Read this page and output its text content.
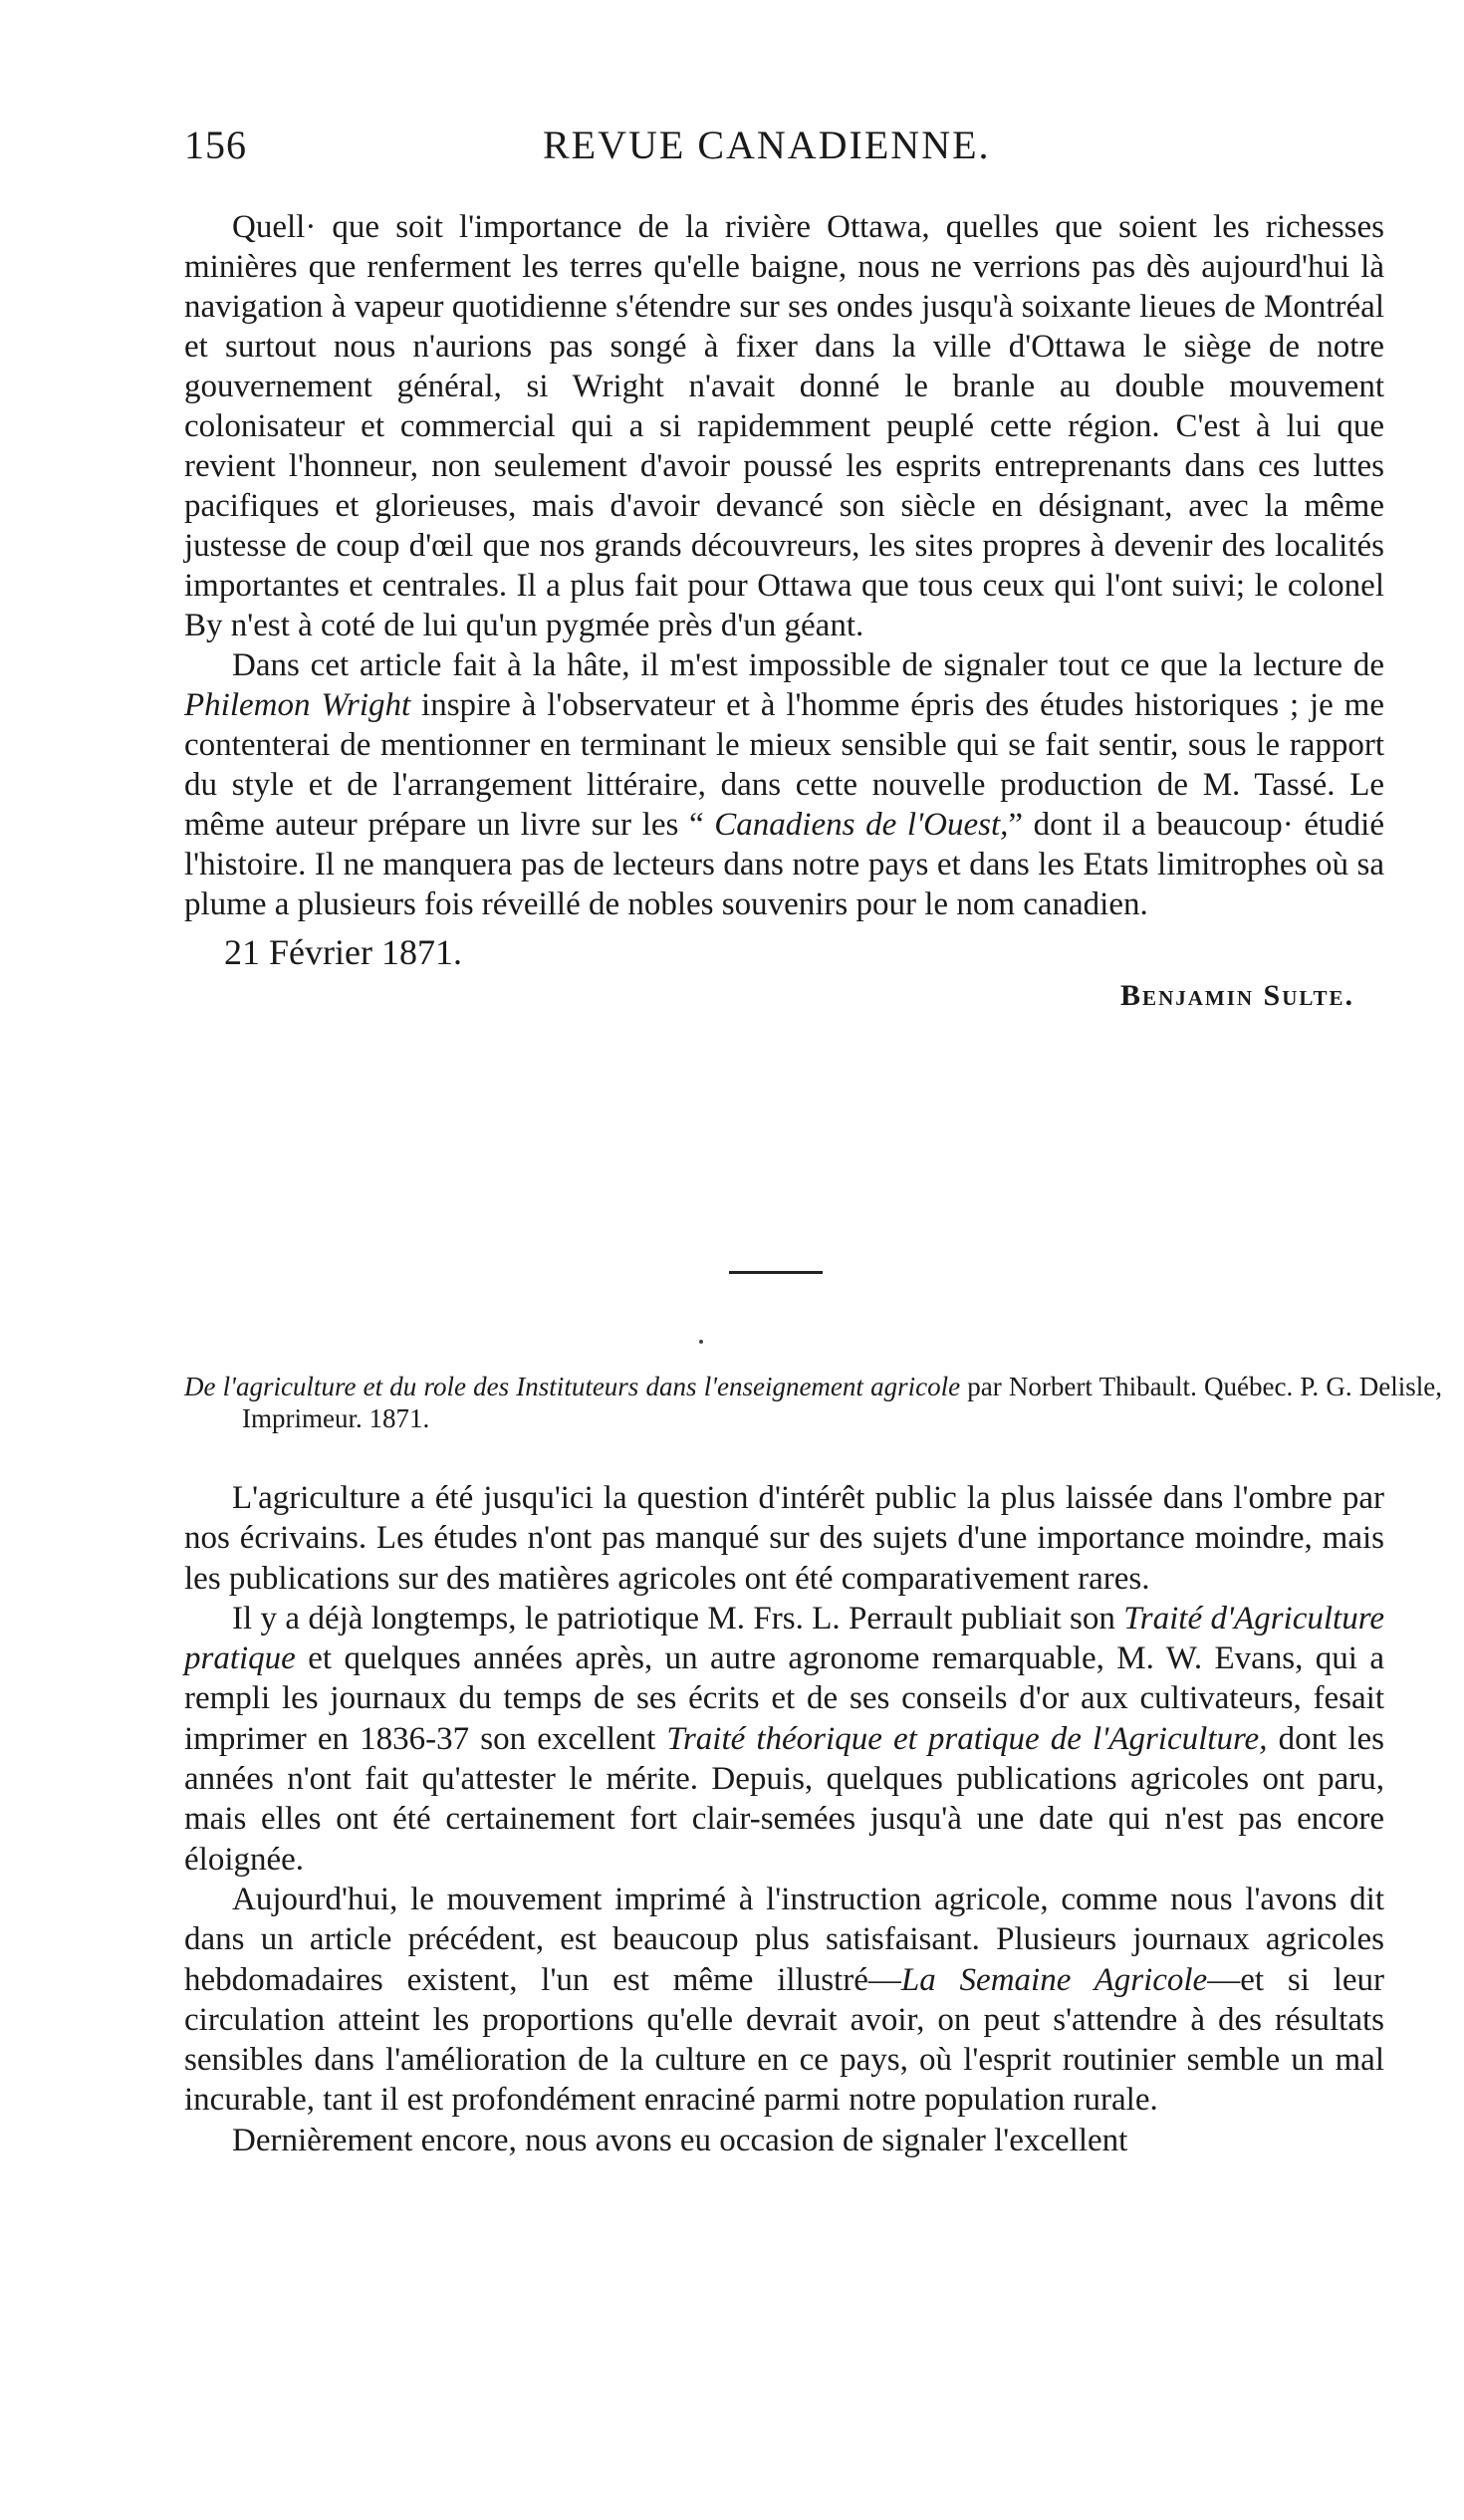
156	REVUE CANADIENNE.

Quell· que soit l'importance de la rivière Ottawa, quelles que soient les richesses minières que renferment les terres qu'elle baigne, nous ne verrions pas dès aujourd'hui là navigation à vapeur quotidienne s'étendre sur ses ondes jusqu'à soixante lieues de Montréal et surtout nous n'aurions pas songé à fixer dans la ville d'Ottawa le siège de notre gouvernement général, si Wright n'avait donné le branle au double mouvement colonisateur et commercial qui a si rapidemment peuplé cette région. C'est à lui que revient l'honneur, non seulement d'avoir poussé les esprits entreprenants dans ces luttes pacifiques et glorieuses, mais d'avoir devancé son siècle en désignant, avec la même justesse de coup d'œil que nos grands découvreurs, les sites propres à devenir des localités importantes et centrales. Il a plus fait pour Ottawa que tous ceux qui l'ont suivi; le colonel By n'est à coté de lui qu'un pygmée près d'un géant.

Dans cet article fait à la hâte, il m'est impossible de signaler tout ce que la lecture de Philemon Wright inspire à l'observateur et à l'homme épris des études historiques ; je me contenterai de mentionner en terminant le mieux sensible qui se fait sentir, sous le rapport du style et de l'arrangement littéraire, dans cette nouvelle production de M. Tassé. Le même auteur prépare un livre sur les “ Canadiens de l'Ouest,” dont il a beaucoup· étudié l'histoire. Il ne manquera pas de lecteurs dans notre pays et dans les Etats limitrophes où sa plume a plusieurs fois réveillé de nobles souvenirs pour le nom canadien.

21 Février 1871.
Benjamin Sulte.
De l'agriculture et du role des Instituteurs dans l'enseignement agricole par Norbert Thibault. Québec. P. G. Delisle, Imprimeur. 1871.

L'agriculture a été jusqu'ici la question d'intérêt public la plus laissée dans l'ombre par nos écrivains. Les études n'ont pas manqué sur des sujets d'une importance moindre, mais les publications sur des matières agricoles ont été comparativement rares.

Il y a déjà longtemps, le patriotique M. Frs. L. Perrault publiait son Traité d'Agriculture pratique et quelques années après, un autre agronome remarquable, M. W. Evans, qui a rempli les journaux du temps de ses écrits et de ses conseils d'or aux cultivateurs, fesait imprimer en 1836-37 son excellent Traité théorique et pratique de l'Agriculture, dont les années n'ont fait qu'attester le mérite. Depuis, quelques publications agricoles ont paru, mais elles ont été certainement fort clair-semées jusqu'à une date qui n'est pas encore éloignée.

Aujourd'hui, le mouvement imprimé à l'instruction agricole, comme nous l'avons dit dans un article précédent, est beaucoup plus satisfaisant. Plusieurs journaux agricoles hebdomadaires existent, l'un est même illustré—La Semaine Agricole—et si leur circulation atteint les proportions qu'elle devrait avoir, on peut s'attendre à des résultats sensibles dans l'amélioration de la culture en ce pays, où l'esprit routinier semble un mal incurable, tant il est profondément enraciné parmi notre population rurale.

Dernièrement encore, nous avons eu occasion de signaler l'excellent
